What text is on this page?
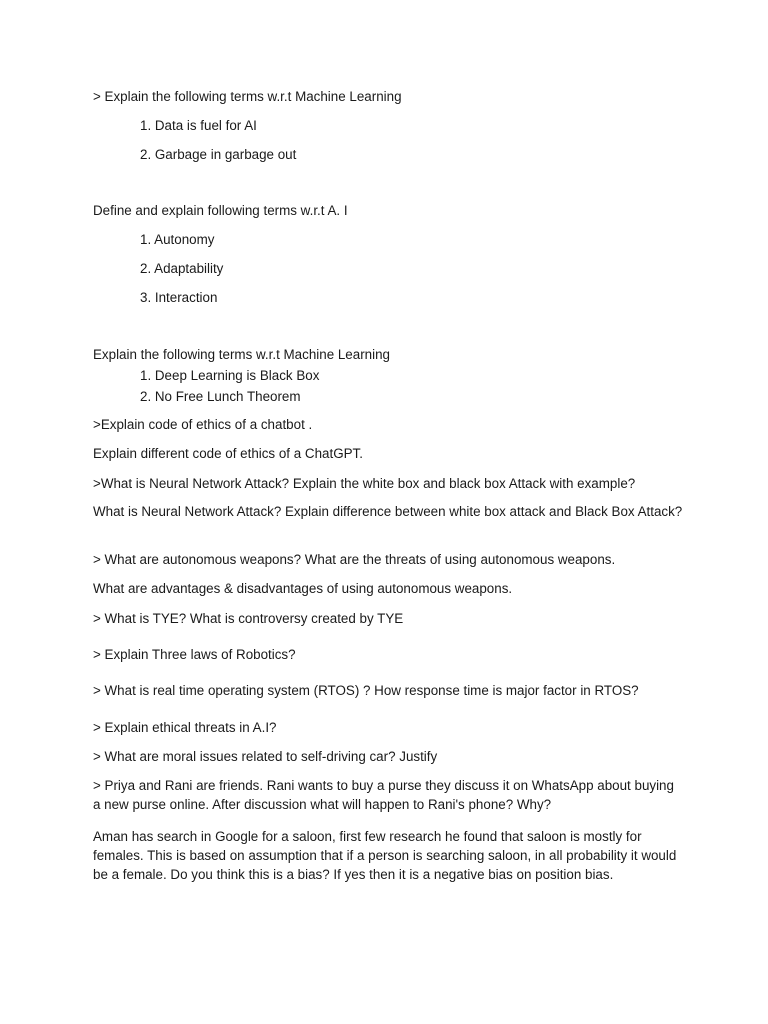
> Explain the following terms w.r.t Machine Learning
1. Data is fuel for AI
2. Garbage in garbage out
Define and explain following terms w.r.t A. I
1. Autonomy
2. Adaptability
3. Interaction
Explain the following terms w.r.t Machine Learning
1. Deep Learning is Black Box
2. No Free Lunch Theorem
>Explain code of ethics of a chatbot .
Explain different code of ethics of a ChatGPT.
>What is Neural Network Attack? Explain the white box and black box Attack with example?
What is Neural Network Attack? Explain difference between white box attack and Black Box Attack?
> What are autonomous weapons? What are the threats of using autonomous weapons.
What are advantages & disadvantages of using autonomous weapons.
> What is TYE? What is controversy created by TYE
> Explain Three laws of Robotics?
> What is real time operating system (RTOS) ? How response time is major factor in RTOS?
> Explain ethical threats in A.I?
> What are moral issues related to self-driving car? Justify
> Priya and Rani are friends. Rani wants to buy a purse they discuss it on WhatsApp about buying a new purse online. After discussion what will happen to Rani's phone? Why?
Aman has search in Google for a saloon, first few research he found that saloon is mostly for females. This is based on assumption that if a person is searching saloon, in all probability it would be a female. Do you think this is a bias? If yes then it is a negative bias on position bias.
